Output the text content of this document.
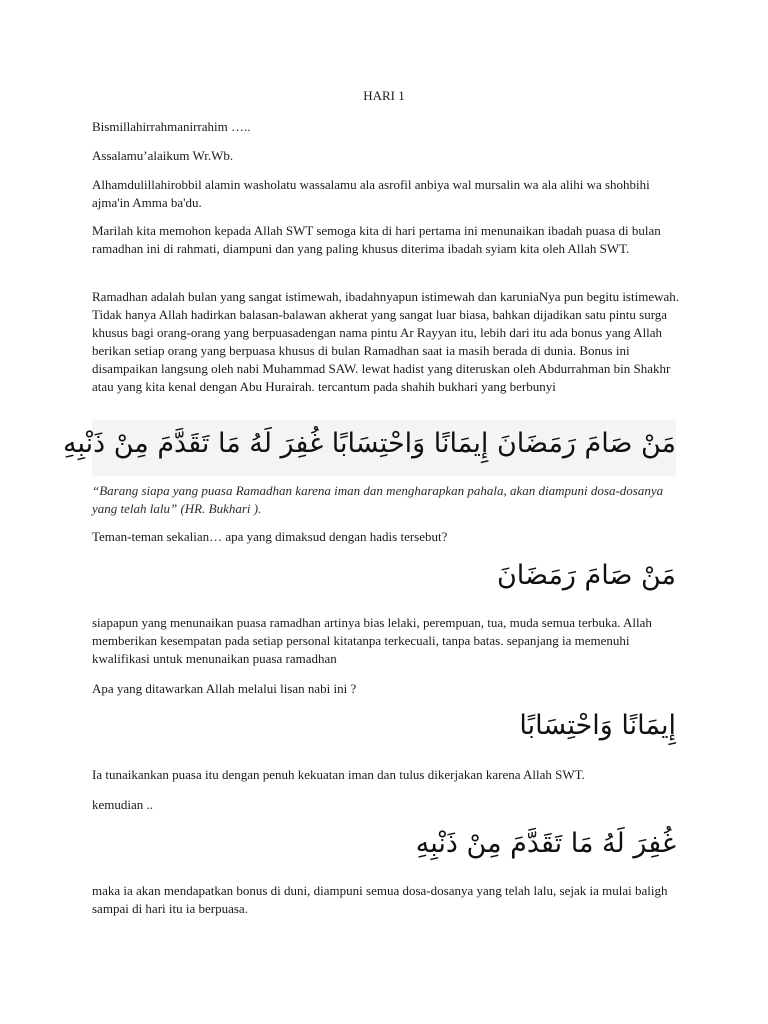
HARI 1

Bismillahirrahmanirrahim …..

Assalamu’alaikum Wr.Wb.

Alhamdulillahirobbil alamin washolatu wassalamu ala asrofil anbiya wal mursalin wa ala alihi wa shohbihi ajma'in Amma ba'du.

Marilah kita memohon kepada Allah SWT semoga kita di hari pertama ini menunaikan ibadah puasa di bulan ramadhan ini di rahmati, diampuni dan yang paling khusus diterima ibadah syiam kita oleh Allah SWT.

Ramadhan adalah bulan yang sangat istimewah, ibadahnyapun istimewah dan karuniaNya pun begitu istimewah. Tidak hanya Allah hadirkan balasan-balawan akherat yang sangat luar biasa, bahkan dijadikan satu pintu surga khusus bagi orang-orang yang berpuasadengan nama pintu Ar Rayyan itu, lebih dari itu ada bonus yang Allah berikan setiap orang yang berpuasa khusus di bulan Ramadhan saat ia masih berada di dunia. Bonus ini disampaikan langsung oleh nabi Muhammad SAW. lewat hadist yang diteruskan oleh Abdurrahman bin Shakhr atau yang kita kenal dengan Abu Hurairah. tercantum pada shahih bukhari yang berbunyi

مَنْ صَامَ رَمَضَانَ إِيمَانًا وَاحْتِسَابًا غُفِرَ لَهُ مَا تَقَدَّمَ مِنْ ذَنْبِهِ

“Barang siapa yang puasa Ramadhan karena iman dan mengharapkan pahala, akan diampuni dosa-dosanya yang telah lalu” (HR. Bukhari ).

Teman-teman sekalian… apa yang dimaksud dengan hadis tersebut?

مَنْ صَامَ رَمَضَانَ

siapapun yang menunaikan puasa ramadhan artinya bias lelaki, perempuan, tua, muda semua terbuka. Allah memberikan kesempatan pada setiap personal kitatanpa terkecuali, tanpa batas. sepanjang ia memenuhi kwalifikasi untuk menunaikan puasa ramadhan

Apa yang ditawarkan Allah melalui lisan nabi ini ?

إِيمَانًا وَاحْتِسَابًا

Ia tunaikankan puasa itu dengan penuh kekuatan iman dan tulus dikerjakan karena Allah SWT.

kemudian ..

غُفِرَ لَهُ مَا تَقَدَّمَ مِنْ ذَنْبِهِ

maka ia akan mendapatkan bonus di duni, diampuni semua dosa-dosanya yang telah lalu, sejak ia mulai baligh sampai di hari itu ia berpuasa.
